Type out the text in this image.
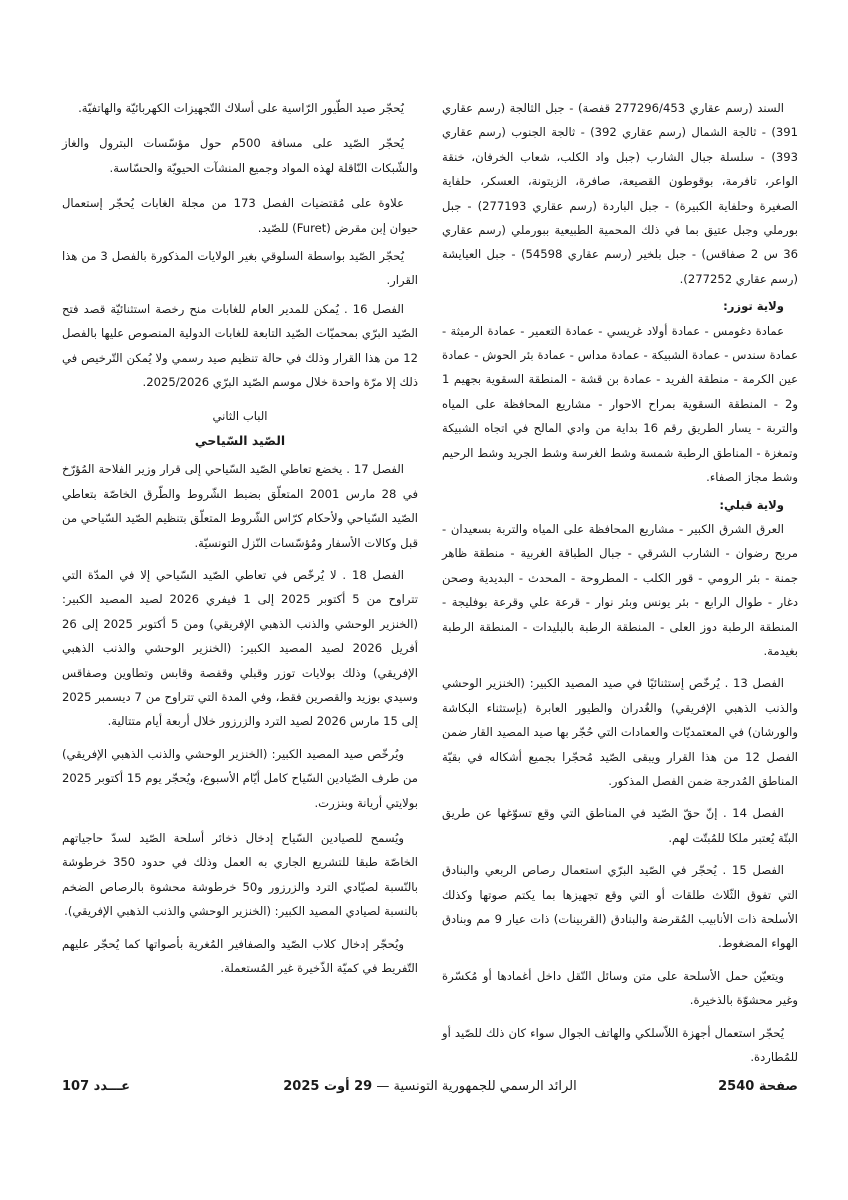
السند (رسم عقاري 277296/453 قفصة) - جبل الثالجة (رسم عقاري 391) - ثالجة الشمال (رسم عقاري 392) - ثالجة الجنوب (رسم عقاري 393) - سلسلة جبال الشارب (جبل واد الكلب، شعاب الخرفان، خنقة الواعر، تافرمة، بوقوطون القصيعة، صافرة، الزيتونة، العسكر، حلفاية الصغيرة وحلفاية الكبيرة) - جبل الباردة (رسم عقاري 277193) - جبل بورملي وجبل عتيق بما في ذلك المحمية الطبيعية ببورملي (رسم عقاري 36 س 2 صفاقس) - جبل بلخير (رسم عقاري 54598) - جبل العيايشة (رسم عقاري 277252).

ولاية توزر:

عمادة دغومس - عمادة أولاد غريسي - عمادة التعمير - عمادة الرميثة - عمادة سندس - عمادة الشبيكة - عمادة مداس - عمادة بئر الحوش - عمادة عين الكرمة - منطقة الفريد - عمادة بن قشة - المنطقة السقوية بجهيم 1 و2 - المنطقة السقوية بمراح الاحوار - مشاريع المحافظة على المياه والتربة - يسار الطريق رقم 16 بداية من وادي المالح في اتجاه الشبيكة وتمغزة - المناطق الرطبة شمسة وشط الغرسة وشط الجريد وشط الرحيم وشط مجاز الصفاء.

ولاية قبلي:

العرق الشرق الكبير - مشاريع المحافظة على المياه والتربة بسعيدان - مربح رضوان - الشارب الشرقي - جبال الطباقة الغربية - منطقة ظاهر جمنة - بئر الرومي - قور الكلب - المطروحة - المحدث - البديدية وصحن دغار - طوال الرابع - بئر يونس وبئر نوار - قرعة علي وقرعة بوفليجة - المنطقة الرطبة دوز العلى - المنطقة الرطبة بالبليدات - المنطقة الرطبة بغيدمة.

الفصل 13 . يُرخّص إستثنائيًا في صيد المصيد الكبير: (الخنزير الوحشي والذنب الذهبي الإفريقي) والغُدران والطيور العابرة (بإستثناء البكاشة والورشان) في المعتمديّات والعمادات التي حُجّر بها صيد المصيد القار ضمن الفصل 12 من هذا القرار ويبقى الصّيد مُحجّرا بجميع أشكاله في بقيّة المناطق المُدرجة ضمن الفصل المذكور.

الفصل 14 . إنّ حقّ الصّيد في المناطق التي وقع تسوّغها عن طريق البتّة يُعتبر ملكا للمُبتّت لهم.

الفصل 15 . يُحجّر في الصّيد البرّي استعمال رصاص الربعي والبنادق التي تفوق الثّلاث طلقات أو التي وقع تجهيزها بما يكتم صوتها وكذلك الأسلحة ذات الأنابيب المُقرضة والبنادق (القربينات) ذات عيار 9 مم وبنادق الهواء المضغوط.

ويتعيّن حمل الأسلحة على متن وسائل النّقل داخل أغمادها أو مُكسّرة وغير محشوّة بالذخيرة.

يُحجّر استعمال أجهزة اللاّسلكي والهاتف الجوال سواء كان ذلك للصّيد أو للمُطاردة.

يُحجّر صيد الطّيور الرّاسية على أسلاك التّجهيزات الكهربائيّة والهاتفيّة.

يُحجّر الصّيد على مسافة 500م حول مؤسّسات البترول والغاز والشّبكات النّاقلة لهذه المواد وجميع المنشآت الحيويّة والحسّاسة.

علاوة على مُقتضيات الفصل 173 من مجلة الغابات يُحجّر إستعمال حيوان إبن مقرض (Furet) للصّيد.

يُحجّر الصّيد بواسطة السلوقي بغير الولايات المذكورة بالفصل 3 من هذا القرار.

الفصل 16 . يُمكن للمدير العام للغابات منح رخصة استثنائيّة قصد فتح الصّيد البرّي بمحميّات الصّيد التابعة للغابات الدولية المنصوص عليها بالفصل 12 من هذا القرار وذلك في حالة تنظيم صيد رسمي ولا يُمكن التّرخيص في ذلك إلا مرّة واحدة خلال موسم الصّيد البرّي 2025/2026.

الباب الثاني

الصّيد السّياحي

الفصل 17 . يخضع تعاطي الصّيد السّياحي إلى قرار وزير الفلاحة المُؤرّخ في 28 مارس 2001 المتعلّق بضبط الشّروط والطّرق الخاصّة بتعاطي الصّيد السّياحي ولأحكام كرّاس الشّروط المتعلّق بتنظيم الصّيد السّياحي من قبل وكالات الأسفار ومُؤسّسات النّزل التونسيّة.

الفصل 18 . لا يُرخّص في تعاطي الصّيد السّياحي إلا في المدّة التي تتراوح من 5 أكتوبر 2025 إلى 1 فيفري 2026 لصيد المصيد الكبير: (الخنزير الوحشي والذنب الذهبي الإفريقي) ومن 5 أكتوبر 2025 إلى 26 أفريل 2026 لصيد المصيد الكبير: (الخنزير الوحشي والذنب الذهبي الإفريقي) وذلك بولايات توزر وقبلي وقفصة وقابس وتطاوين وصفاقس وسيدي بوزيد والقصرين فقط، وفي المدة التي تتراوح من 7 ديسمبر 2025 إلى 15 مارس 2026 لصيد الترد والزرزور خلال أربعة أيام متتالية.

ويُرخّص صيد المصيد الكبير: (الخنزير الوحشي والذنب الذهبي الإفريقي) من طرف الصّيادين السّياح كامل أيّام الأسبوع، ويُحجّر يوم 15 أكتوبر 2025 بولايتي أريانة وبنزرت.

ويُسمح للصيادين السّياح إدخال ذخائر أسلحة الصّيد لسدّ حاجياتهم الخاصّة طبقا للتشريع الجاري به العمل وذلك في حدود 350 خرطوشة بالنّسبة لصيّادي الترد والزرزور و50 خرطوشة محشوة بالرصاص الضخم بالنسبة لصيادي المصيد الكبير: (الخنزير الوحشي والذنب الذهبي الإفريقي).

ويُحجّر إدخال كلاب الصّيد والصفافير المُغرية بأصواتها كما يُحجّر عليهم التّفريط في كميّة الذّخيرة غير المُستعملة.

صفحة 2540
الرائد الرسمي للجمهورية التونسية — 29 أوت 2025
عـــدد 107
